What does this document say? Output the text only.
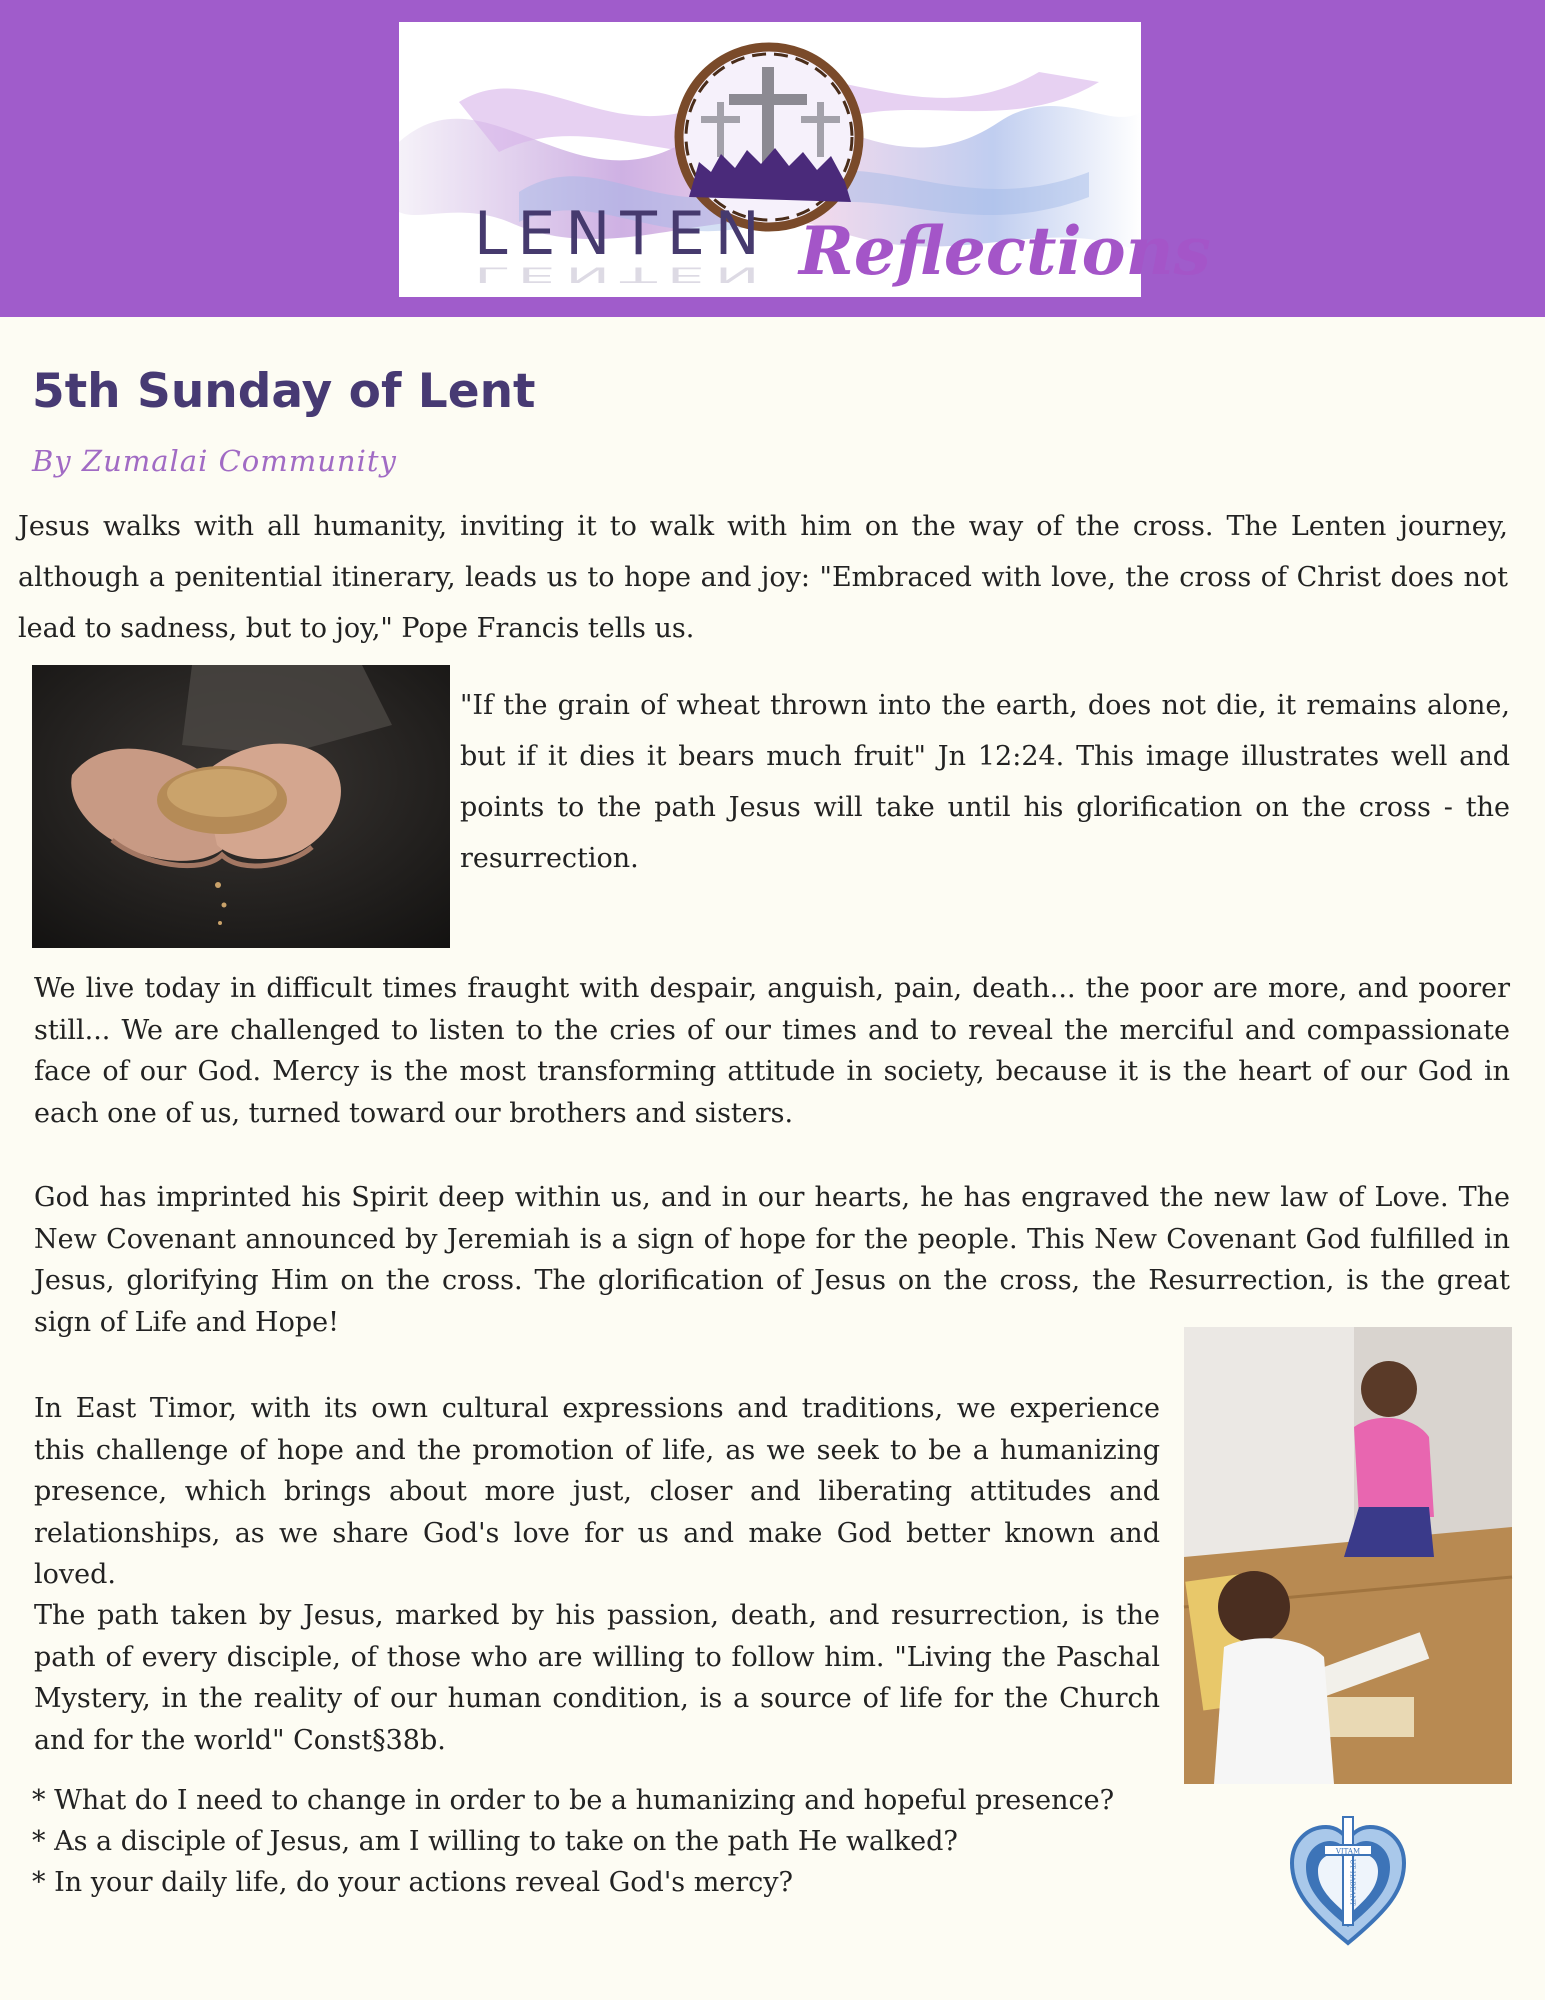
LENTEN
LENTEN Reflections
5th Sunday of Lent
By Zumalai Community

Jesus walks with all humanity, inviting it to walk with him on the way of the cross. The Lenten journey, although a penitential itinerary, leads us to hope and joy: "Embraced with love, the cross of Christ does not lead to sadness, but to joy," Pope Francis tells us.

"If the grain of wheat thrown into the earth, does not die, it remains alone, but if it dies it bears much fruit" Jn 12:24. This image illustrates well and points to the path Jesus will take until his glorification on the cross - the resurrection.

We live today in difficult times fraught with despair, anguish, pain, death... the poor are more, and poorer still... We are challenged to listen to the cries of our times and to reveal the merciful and compassionate face of our God. Mercy is the most transforming attitude in society, because it is the heart of our God in each one of us, turned toward our brothers and sisters.

God has imprinted his Spirit deep within us, and in our hearts, he has engraved the new law of Love. The New Covenant announced by Jeremiah is a sign of hope for the people. This New Covenant God fulfilled in Jesus, glorifying Him on the cross. The glorification of Jesus on the cross, the Resurrection, is the great sign of Life and Hope!

In East Timor, with its own cultural expressions and traditions, we experience this challenge of hope and the promotion of life, as we seek to be a humanizing presence, which brings about more just, closer and liberating attitudes and relationships, as we share God's love for us and make God better known and loved.

The path taken by Jesus, marked by his passion, death, and resurrection, is the path of every disciple, of those who are willing to follow him. "Living the Paschal Mystery, in the reality of our human condition, is a source of life for the Church and for the world" Const§38b.

* What do I need to change in order to be a humanizing and hopeful presence?

* As a disciple of Jesus, am I willing to take on the path He walked?

* In your daily life, do your actions reveal God's mercy?

VITAM
UT HABEANT
